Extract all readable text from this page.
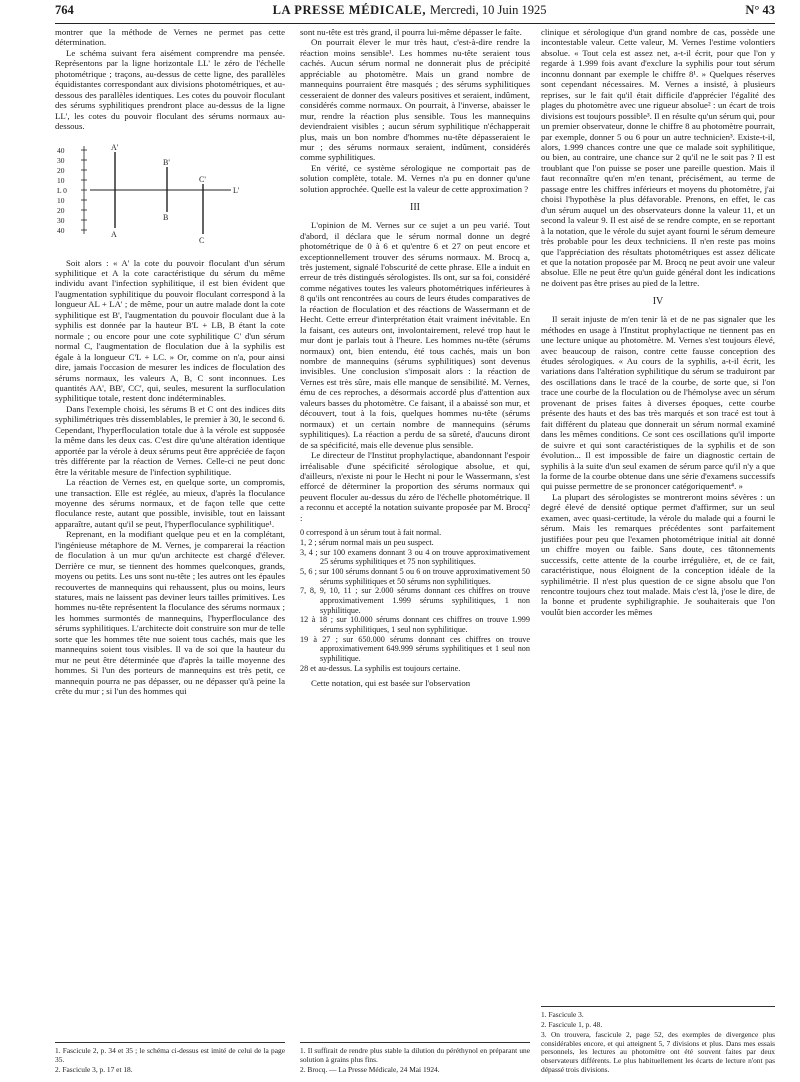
764	LA PRESSE MÉDICALE, Mercredi, 10 Juin 1925	N° 43

montrer que la méthode de Vernes ne permet pas cette détermination.

Le schéma suivant fera aisément comprendre ma pensée. Représentons par la ligne horizontale LL' le zéro de l'échelle photométrique ; traçons, au-dessus de cette ligne, des parallèles équidistantes correspondant aux divisions photométriques, et au-dessous des parallèles identiques. Les cotes du pouvoir floculant des sérums syphilitiques prendront place au-dessus de la ligne LL', les cotes du pouvoir floculant des sérums normaux au-dessous.

40
30
20
10
L 0
10
20
30
40
A'
B'
C'
L'
A
B
C

Soit alors : « A' la cote du pouvoir floculant d'un sérum syphilitique et A la cote caractéristique du sérum du même individu avant l'infection syphilitique, il est bien évident que l'augmentation syphilitique du pouvoir floculant correspond à la longueur AL + LA' ; de même, pour un autre malade dont la cote syphilitique est B', l'augmentation du pouvoir floculant due à la syphilis est donnée par la hauteur B'L + LB, B étant la cote normale ; ou encore pour une cote syphilitique C' d'un sérum normal C, l'augmentation de floculation due à la syphilis est égale à la longueur C'L + LC. » Or, comme on n'a, pour ainsi dire, jamais l'occasion de mesurer les indices de floculation des sérums normaux, les valeurs A, B, C sont inconnues. Les quantités AA', BB', CC', qui, seules, mesurent la surfloculation syphilitique totale, restent donc indéterminables.

Dans l'exemple choisi, les sérums B et C ont des indices dits syphilimétriques très dissemblables, le premier à 30, le second 6. Cependant, l'hyperfloculation totale due à la vérole est supposée la même dans les deux cas. C'est dire qu'une altération identique apportée par la vérole à deux sérums peut être appréciée de façon très différente par la réaction de Vernes. Celle-ci ne peut donc être la véritable mesure de l'infection syphilitique.

La réaction de Vernes est, en quelque sorte, un compromis, une transaction. Elle est réglée, au mieux, d'après la floculance moyenne des sérums normaux, et de façon telle que cette floculance reste, autant que possible, invisible, tout en laissant apparaître, autant qu'il se peut, l'hyperfloculance syphilitique¹.

Reprenant, en la modifiant quelque peu et en la complétant, l'ingénieuse métaphore de M. Vernes, je comparerai la réaction de floculation à un mur qu'un architecte est chargé d'élever. Derrière ce mur, se tiennent des hommes quelconques, grands, moyens ou petits. Les uns sont nu-tête ; les autres ont les épaules recouvertes de mannequins qui rehaussent, plus ou moins, leurs statures, mais ne laissent pas deviner leurs tailles primitives. Les hommes nu-tête représentent la floculance des sérums normaux ; les hommes surmontés de mannequins, l'hyperfloculance des sérums syphilitiques. L'architecte doit construire son mur de telle sorte que les hommes tête nue soient tous cachés, mais que les mannequins soient tous visibles. Il va de soi que la hauteur du mur ne peut être déterminée que d'après la taille moyenne des hommes. Si l'un des porteurs de mannequins est très petit, ce mannequin pourra ne pas dépasser, ou ne dépasser qu'à peine la crête du mur ; si l'un des hommes qui

1. Fascicule 2, p. 34 et 35 ; le schéma ci-dessus est imité de celui de la page 35.
2. Fascicule 3, p. 17 et 18.

sont nu-tête est très grand, il pourra lui-même dépasser le faîte.

On pourrait élever le mur très haut, c'est-à-dire rendre la réaction moins sensible¹. Les hommes nu-tête seraient tous cachés. Aucun sérum normal ne donnerait plus de précipité appréciable au photomètre. Mais un grand nombre de mannequins pourraient être masqués ; des sérums syphilitiques cesseraient de donner des valeurs positives et seraient, indûment, considérés comme normaux. On pourrait, à l'inverse, abaisser le mur, rendre la réaction plus sensible. Tous les mannequins deviendraient visibles ; aucun sérum syphilitique n'échapperait plus, mais un bon nombre d'hommes nu-tête dépasseraient le mur ; des sérums normaux seraient, indûment, considérés comme syphilitiques.

En vérité, ce système sérologique ne comportait pas de solution complète, totale. M. Vernes n'a pu en donner qu'une solution approchée. Quelle est la valeur de cette approximation ?

III

L'opinion de M. Vernes sur ce sujet a un peu varié. Tout d'abord, il déclara que le sérum normal donne un degré photométrique de 0 à 6 et qu'entre 6 et 27 on peut encore et exceptionnellement trouver des sérums normaux. M. Brocq a, très justement, signalé l'obscurité de cette phrase. Elle a induit en erreur de très distingués sérologistes. Ils ont, sur sa foi, considéré comme négatives toutes les valeurs photométriques inférieures à 8 qu'ils ont rencontrées au cours de leurs études comparatives de la réaction de floculation et des réactions de Wassermann et de Hecht. Cette erreur d'interprétation était vraiment inévitable. En la faisant, ces auteurs ont, involontairement, relevé trop haut le mur dont je parlais tout à l'heure. Les hommes nu-tête (sérums normaux) ont, bien entendu, été tous cachés, mais un bon nombre de mannequins (sérums syphilitiques) sont devenus invisibles. Une conclusion s'imposait alors : la réaction de Vernes est très sûre, mais elle manque de sensibilité. M. Vernes, ému de ces reproches, a désormais accordé plus d'attention aux valeurs basses du photomètre. Ce faisant, il a abaissé son mur, et découvert, tout à la fois, quelques hommes nu-tête (sérums normaux) et un certain nombre de mannequins (sérums syphilitiques). La réaction a perdu de sa sûreté, d'aucuns diront de sa spécificité, mais elle devenue plus sensible.

Le directeur de l'Institut prophylactique, abandonnant l'espoir irréalisable d'une spécificité sérologique absolue, et qui, d'ailleurs, n'existe ni pour le Hecht ni pour le Wassermann, s'est efforcé de déterminer la proportion des sérums normaux qui peuvent floculer au-dessus du zéro de l'échelle photométrique. Il a reconnu et accepté la notation suivante proposée par M. Brocq² :

0 correspond à un sérum tout à fait normal.
1, 2 ; sérum normal mais un peu suspect.
3, 4 ; sur 100 examens donnant 3 ou 4 on trouve approximativement 25 sérums syphilitiques et 75 non syphilitiques.
5, 6 ; sur 100 sérums donnant 5 ou 6 on trouve approximativement 50 sérums syphilitiques et 50 sérums non syphilitiques.
7, 8, 9, 10, 11 ; sur 2.000 sérums donnant ces chiffres on trouve approximativement 1.999 sérums syphilitiques, 1 non syphilitique.
12 à 18 ; sur 10.000 sérums donnant ces chiffres on trouve 1.999 sérums syphilitiques, 1 seul non syphilitique.
19 à 27 ; sur 650.000 sérums donnant ces chiffres on trouve approximativement 649.999 sérums syphilitiques et 1 seul non syphilitique.
28 et au-dessus. La syphilis est toujours certaine.

Cette notation, qui est basée sur l'observation

1. Il suffirait de rendre plus stable la dilution du péréthynol en préparant une solution à grains plus fins.
2. Brocq. — La Presse Médicale, 24 Mai 1924.

clinique et sérologique d'un grand nombre de cas, possède une incontestable valeur. Cette valeur, M. Vernes l'estime volontiers absolue. « Tout cela est assez net, a-t-il écrit, pour que l'on y regarde à 1.999 fois avant d'exclure la syphilis pour tout sérum inconnu donnant par exemple le chiffre 8¹. » Quelques réserves sont cependant nécessaires. M. Vernes a insisté, à plusieurs reprises, sur le fait qu'il était difficile d'apprécier l'égalité des plages du photomètre avec une rigueur absolue² : un écart de trois divisions est toujours possible³. Il en résulte qu'un sérum qui, pour un premier observateur, donne le chiffre 8 au photomètre pourrait, par exemple, donner 5 ou 6 pour un autre technicien³. Existe-t-il, alors, 1.999 chances contre une que ce malade soit syphilitique, ou bien, au contraire, une chance sur 2 qu'il ne le soit pas ? Il est troublant que l'on puisse se poser une pareille question. Mais il faut reconnaître qu'en m'en tenant, précisément, au terme de passage entre les chiffres inférieurs et moyens du photomètre, j'ai choisi l'hypothèse la plus défavorable. Prenons, en effet, le cas d'un sérum auquel un des observateurs donne la valeur 11, et un second la valeur 9. Il est aisé de se rendre compte, en se reportant à la notation, que le vérole du sujet ayant fourni le sérum demeure très probable pour les deux techniciens. Il n'en reste pas moins que l'appréciation des résultats photométriques est assez délicate et que la notation proposée par M. Brocq ne peut avoir une valeur absolue. Elle ne peut être qu'un guide général dont les indications ne doivent pas être prises au pied de la lettre.

IV

Il serait injuste de m'en tenir là et de ne pas signaler que les méthodes en usage à l'Institut prophylactique ne tiennent pas en une lecture unique au photomètre. M. Vernes s'est toujours élevé, avec beaucoup de raison, contre cette fausse conception des études sérologiques. « Au cours de la syphilis, a-t-il écrit, les variations dans l'altération syphilitique du sérum se traduiront par des oscillations dans le tracé de la courbe, de sorte que, si l'on trace une courbe de la floculation ou de l'hémolyse avec un sérum provenant de prises faites à diverses époques, cette courbe présente des hauts et des bas très marqués et son tracé est tout à fait différent du plateau que donnerait un sérum normal examiné dans les mêmes conditions. Ce sont ces oscillations qu'il importe de suivre et qui sont caractéristiques de la syphilis et de son évolution... Il est impossible de faire un diagnostic certain de syphilis à la suite d'un seul examen de sérum parce qu'il n'y a que la forme de la courbe obtenue dans une série d'examens successifs qui puisse permettre de se prononcer catégoriquement⁴. »

La plupart des sérologistes se montreront moins sévères : un degré élevé de densité optique permet d'affirmer, sur un seul examen, avec quasi-certitude, la vérole du malade qui a fourni le sérum. Mais les remarques précédentes sont parfaitement justifiées pour peu que l'examen photométrique initial ait donné un chiffre moyen ou faible. Sans doute, ces tâtonnements successifs, cette attente de la courbe irrégulière, et, de ce fait, caractéristique, nous éloignent de la conception idéale de la syphilimétrie. Il n'est plus question de ce signe absolu que l'on rencontre toujours chez tout malade. Mais c'est là, j'ose le dire, de la bonne et prudente syphiligraphie. Je souhaiterais que l'on voulût bien accorder les mêmes

1. Fascicule 3.
2. Fascicule 1, p. 48.
3. On trouvera, fascicule 2, page 52, des exemples de divergence plus considérables encore, et qui atteignent 5, 7 divisions et plus. Dans mes essais personnels, les lectures au photomètre ont été souvent faites par deux observateurs différents. Le plus habituellement les écarts de lecture n'ont pas dépassé trois divisions.
